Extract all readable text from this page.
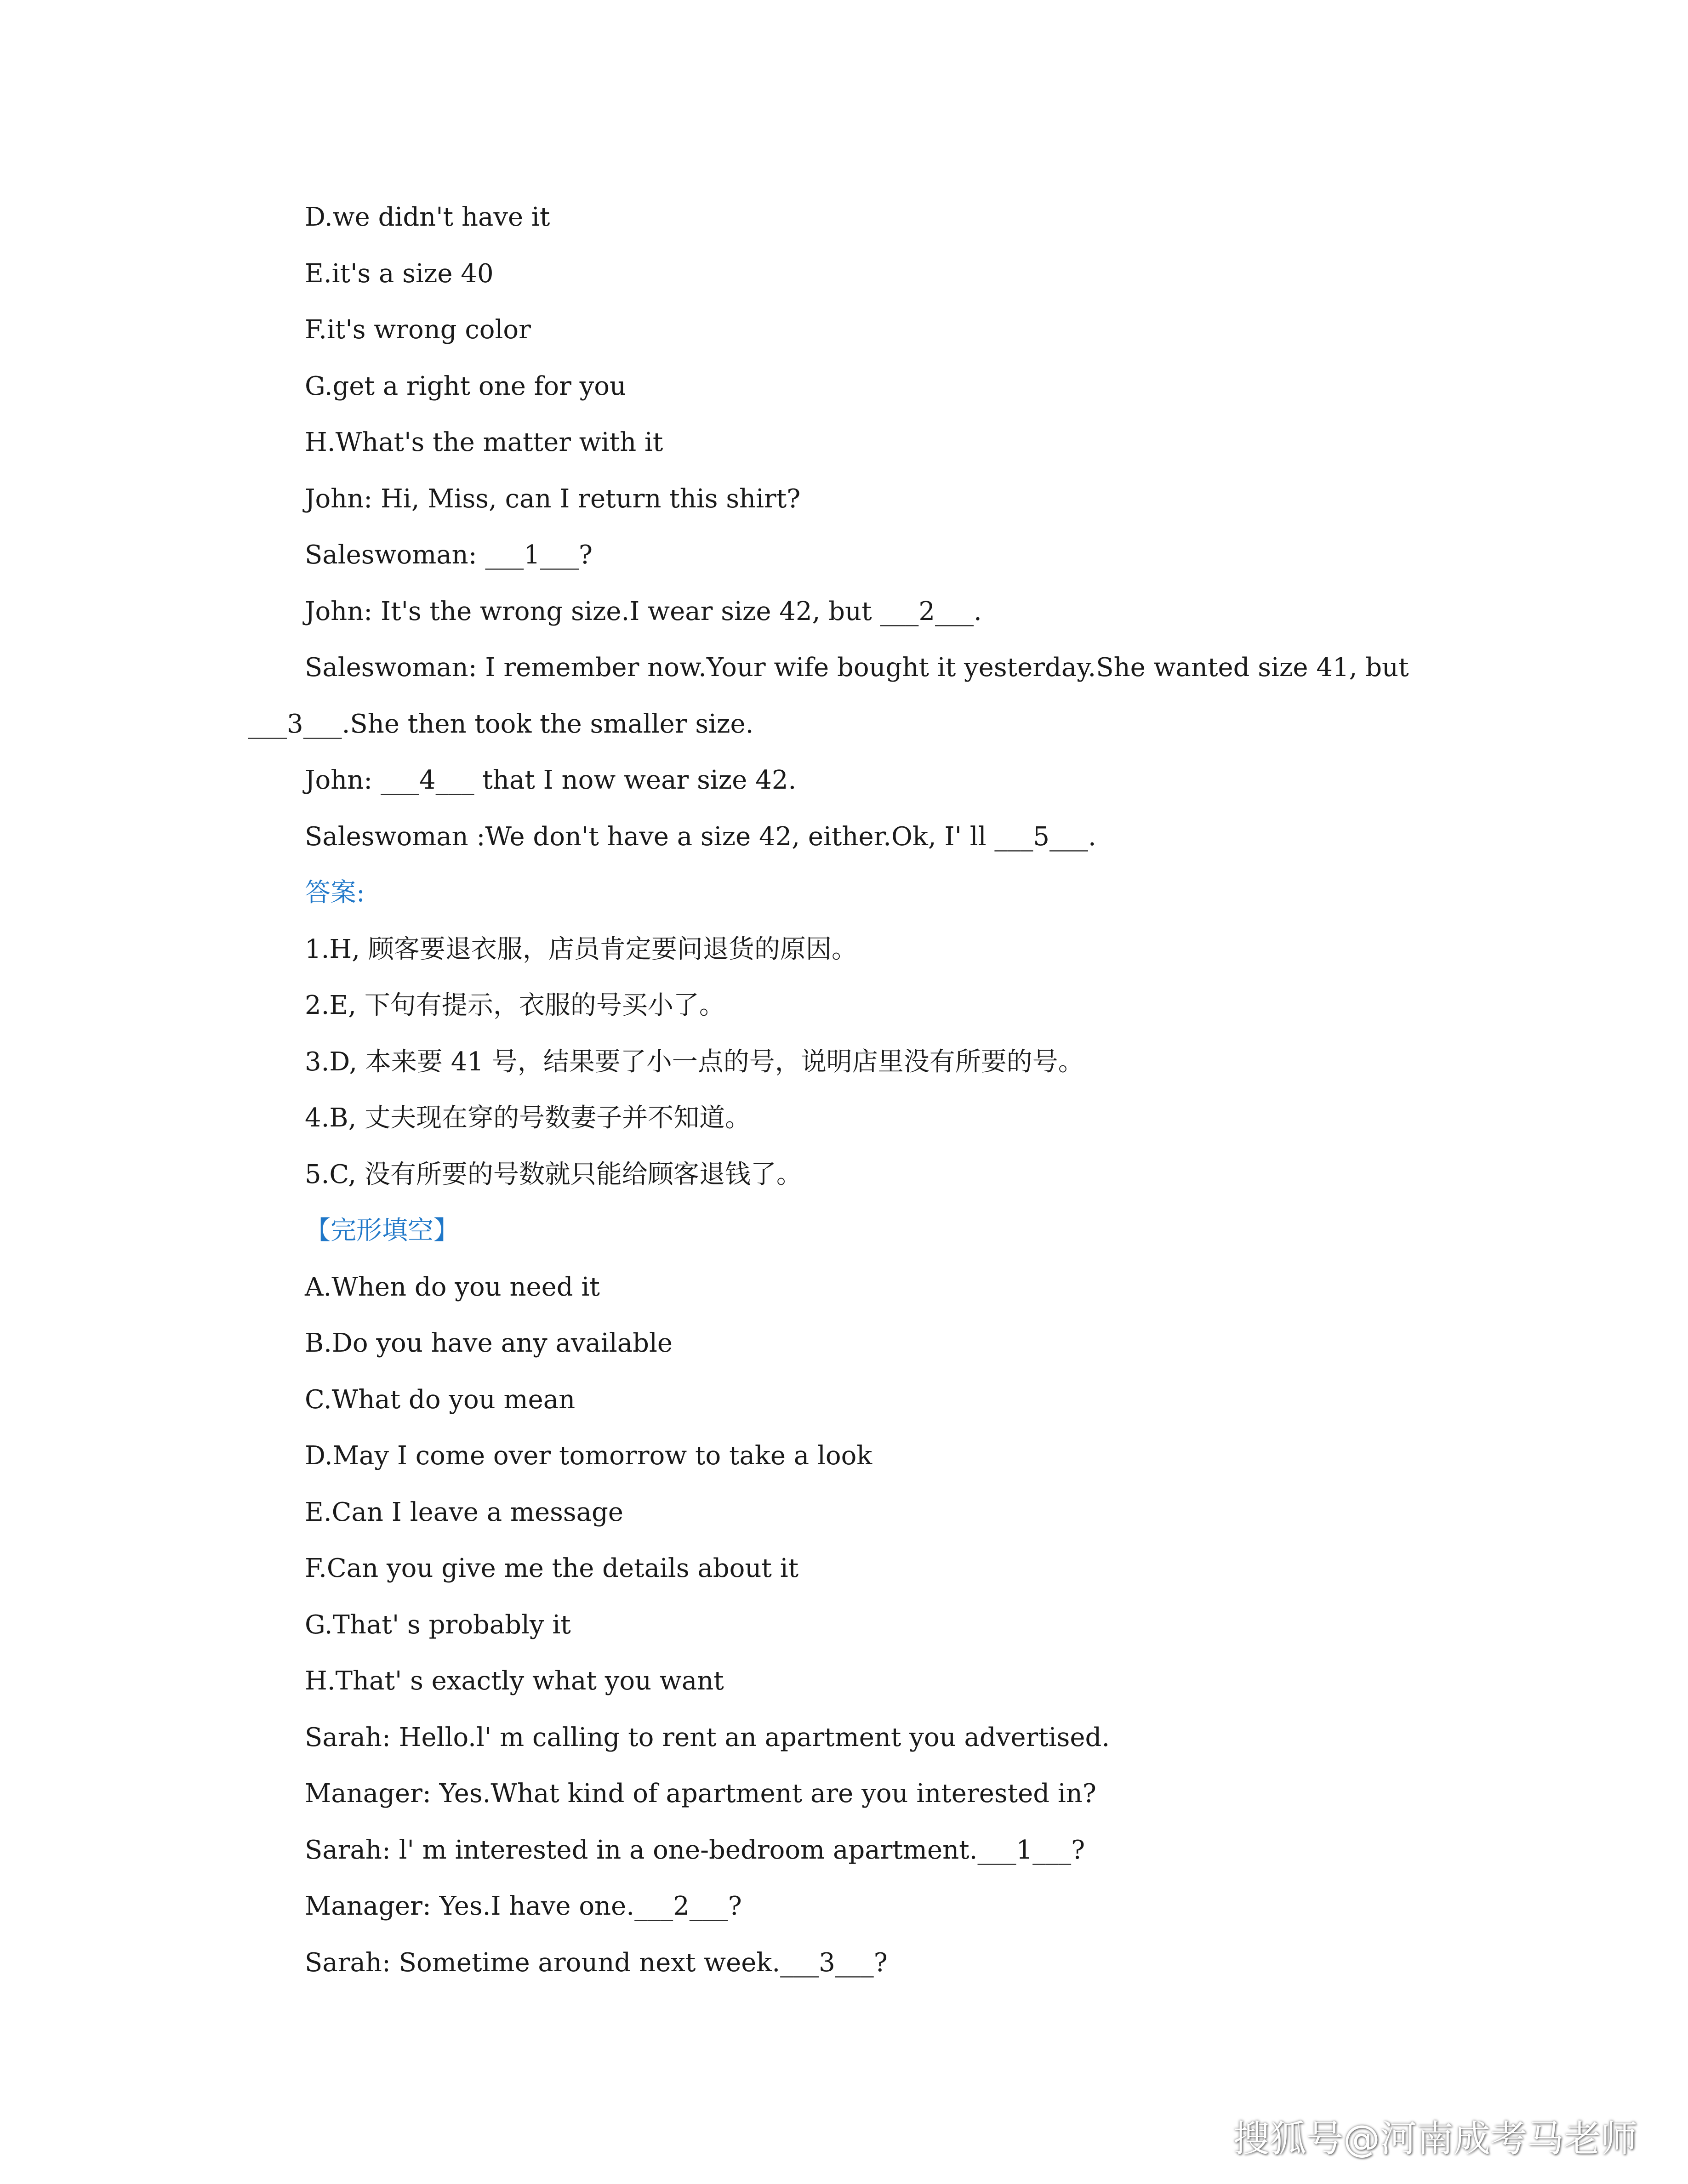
D.we didn't have it
E.it's a size 40
F.it's wrong color
G.get a right one for you
H.What's the matter with it
John: Hi, Miss, can I return this shirt?
Saleswoman: ___1___?
John: It's the wrong size.I wear size 42, but ___2___.
Saleswoman: I remember now.Your wife bought it yesterday.She wanted size 41, but
___3___.She then took the smaller size.
John: ___4___ that I now wear size 42.
Saleswoman :We don't have a size 42, either.Ok, I' ll ___5___.
答案:
1.H, 顾客要退衣服，店员肯定要问退货的原因。
2.E, 下句有提示，衣服的号买小了。
3.D, 本来要 41 号，结果要了小一点的号，说明店里没有所要的号。
4.B, 丈夫现在穿的号数妻子并不知道。
5.C, 没有所要的号数就只能给顾客退钱了。
【完形填空】
A.When do you need it
B.Do you have any available
C.What do you mean
D.May I come over tomorrow to take a look
E.Can I leave a message
F.Can you give me the details about it
G.That' s probably it
H.That' s exactly what you want
Sarah: Hello.l' m calling to rent an apartment you advertised.
Manager: Yes.What kind of apartment are you interested in?
Sarah: l' m interested in a one-bedroom apartment.___1___?
Manager: Yes.I have one.___2___?
Sarah: Sometime around next week.___3___?
搜狐号@河南成考马老师
